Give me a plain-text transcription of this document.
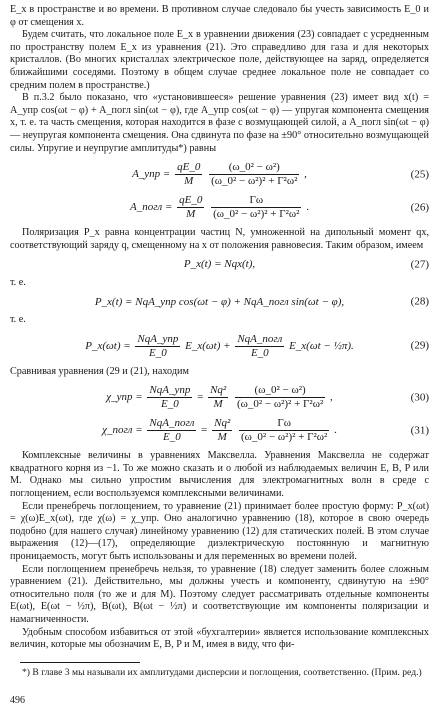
E_x в пространстве и во времени. В противном случае следовало бы учесть зависимость E_0 и φ от смещения x.

Будем считать, что локальное поле E_x в уравнении движения (23) совпадает с усредненным по пространству полем E_x из уравнения (21). Это справедливо для газа и для некоторых кристаллов. (Во многих кристаллах электрическое поле, действующее на заряд, определяется ближайшими соседями. Поэтому в общем случае среднее локальное поле не совпадает со средним полем в пространстве.)

В п.3.2 было показано, что «установившееся» решение уравнения (23) имеет вид x(t) = A_упр cos(ωt − φ) + A_погл sin(ωt − φ), где A_упр cos(ωt − φ) — упругая компонента смещения x, т. е. та часть смещения, которая находится в фазе с возмущающей силой, а A_погл sin(ωt − φ) — неупругая компонента смещения. Она сдвинута по фазе на ±90° относительно возмущающей силы. Упругие и неупругие амплитуды*) равны

A_упр = $\frac{qE\_0}{M}$
$\frac{\text{(ω\_0² − ω²)}}{\text{(ω\_0² − ω²)² + Γ²ω²}}$ ,	(25)
A_погл = $\frac{qE\_0}{M}$
$\frac{\Gamma\omega}{\text{(ω\_0² − ω²)² + Γ²ω²}}$ .	(26)

Поляризация P_x равна концентрации частиц N, умноженной на дипольный момент qx, соответствующий заряду q, смещенному на x от положения равновесия. Таким образом, имеем

P_x(t) = Nqx(t),	(27)
т. е.
P_x(t) = NqA_упр cos(ωt − φ) + NqA_погл sin(ωt − φ),	(28)
т. е.
P_x(ωt) = $\frac{\text{NqA\_упр}}{E\_0}$ E_x(ωt) + $\frac{\text{NqA\_погл}}{E\_0}$ E_x(ωt − ½π).	(29)

Сравнивая уравнения (29 и (21), находим

χ_упр = $\frac{\text{NqA\_упр}}{E\_0} = \frac{\text{Nq²}}{M}$
$\frac{\text{(ω\_0² − ω²)}}{\text{(ω\_0² − ω²)² + Γ²ω²}}$ ,	(30)
χ_погл = $\frac{\text{NqA\_погл}}{E\_0} = \frac{\text{Nq²}}{M}$
$\frac{\Gamma\omega}{\text{(ω\_0² − ω²)² + Γ²ω²}}$ .	(31)

Комплексные величины в уравнениях Максвелла. Уравнения Максвелла не содержат квадратного корня из −1. То же можно сказать и о любой из наблюдаемых величин E, B, P или M. Однако мы сильно упростим вычисления для электромагнитных волн в среде с поглощением, если воспользуемся комплексными величинами.

Если пренебречь поглощением, то уравнение (21) принимает более простую форму: P_x(ωt) = χ(ω)E_x(ωt), где χ(ω) = χ_упр. Оно аналогично уравнению (18), которое в свою очередь подобно (для нашего случая) линейному уравнению (12) для статических полей. В этом случае выражения (12)—(17), определяющие диэлектрическую постоянную и магнитную проницаемость, могут быть использованы и для переменных во времени полей.

Если поглощением пренебречь нельзя, то уравнение (18) следует заменить более сложным уравнением (21). Действительно, мы должны учесть и компоненту, сдвинутую на ±90° относительно поля (то же и для M). Поэтому следует рассматривать отдельные компоненты E(ωt), E(ωt − ½π), B(ωt), B(ωt − ½π) и соответствующие им компоненты поляризации и намагниченности.

Удобным способом избавиться от этой «бухгалтерии» является использование комплексных величин, которые мы обозначим E, B, P и M, имея в виду, что фи-

*) В главе 3 мы называли их амплитудами дисперсии и поглощения, соответственно. (Прим. ред.)

496
